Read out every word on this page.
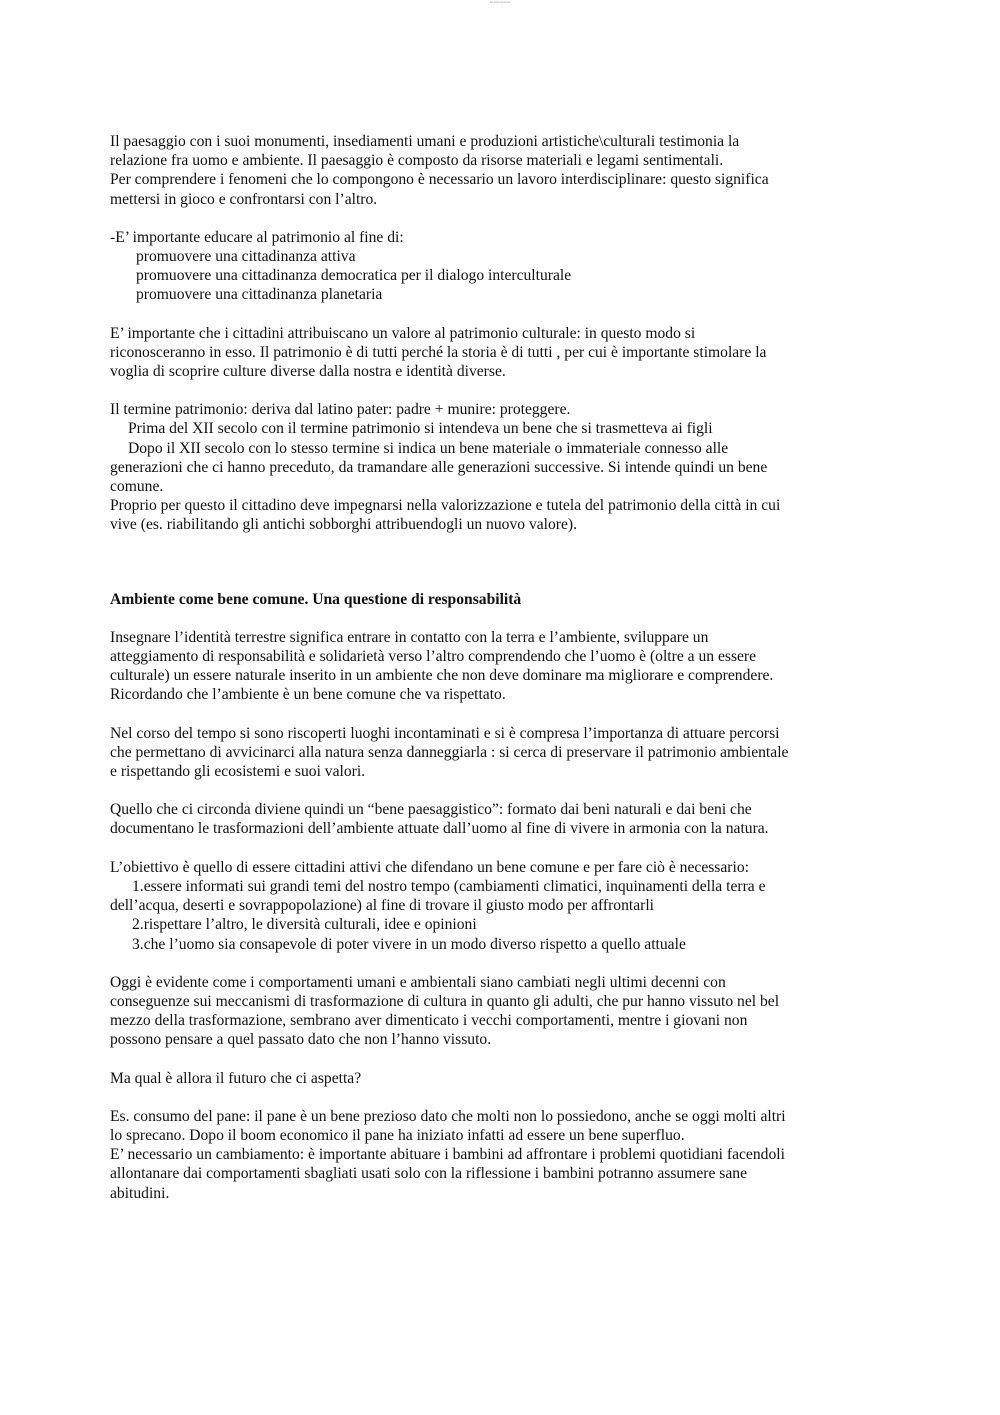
Scarica Questo

Il paesaggio con i suoi monumenti, insediamenti umani e produzioni artistiche\culturali testimonia la

relazione fra uomo e ambiente. Il paesaggio è composto da risorse materiali e legami sentimentali.

Per comprendere i fenomeni che lo compongono è necessario un lavoro interdisciplinare: questo significa

mettersi in gioco e confrontarsi con l’altro.

-E’ importante educare al patrimonio al fine di:

promuovere una cittadinanza attiva

promuovere una cittadinanza democratica per il dialogo interculturale

promuovere una cittadinanza planetaria

E’ importante che i cittadini attribuiscano un valore al patrimonio culturale: in questo modo si

riconosceranno in esso. Il patrimonio è di tutti perché la storia è di tutti , per cui è importante stimolare la

voglia di scoprire culture diverse dalla nostra e identità diverse.

Il termine patrimonio: deriva dal latino pater: padre + munire: proteggere.

Prima del XII secolo con il termine patrimonio si intendeva un bene che si trasmetteva ai figli

Dopo il XII secolo con lo stesso termine si indica un bene materiale o immateriale connesso alle

generazioni che ci hanno preceduto, da tramandare alle generazioni successive. Si intende quindi un bene

comune.

Proprio per questo il cittadino deve impegnarsi nella valorizzazione e tutela del patrimonio della città in cui

vive (es. riabilitando gli antichi sobborghi attribuendogli un nuovo valore).

Ambiente come bene comune. Una questione di responsabilità

Insegnare l’identità terrestre significa entrare in contatto con la terra e l’ambiente, sviluppare un

atteggiamento di responsabilità e solidarietà verso l’altro comprendendo che l’uomo è (oltre a un essere

culturale) un essere naturale inserito in un ambiente che non deve dominare ma migliorare e comprendere.

Ricordando che l’ambiente è un bene comune che va rispettato.

Nel corso del tempo si sono riscoperti luoghi incontaminati e si è compresa l’importanza di attuare percorsi

che permettano di avvicinarci alla natura senza danneggiarla : si cerca di preservare il patrimonio ambientale

e rispettando gli ecosistemi e suoi valori.

Quello che ci circonda diviene quindi un “bene paesaggistico”: formato dai beni naturali e dai beni che

documentano le trasformazioni dell’ambiente attuate dall’uomo al fine di vivere in armonia con la natura.

L’obiettivo è quello di essere cittadini attivi che difendano un bene comune e per fare ciò è necessario:

1.essere informati sui grandi temi del nostro tempo (cambiamenti climatici, inquinamenti della terra e

dell’acqua, deserti e sovrappopolazione) al fine di trovare il giusto modo per affrontarli

2.rispettare l’altro, le diversità culturali, idee e opinioni

3.che l’uomo sia consapevole di poter vivere in un modo diverso rispetto a quello attuale

Oggi è evidente come i comportamenti umani e ambientali siano cambiati negli ultimi decenni con

conseguenze sui meccanismi di trasformazione di cultura in quanto gli adulti, che pur hanno vissuto nel bel

mezzo della trasformazione, sembrano aver dimenticato i vecchi comportamenti, mentre i giovani non

possono pensare a quel passato dato che non l’hanno vissuto.

Ma qual è allora il futuro che ci aspetta?

Es. consumo del pane: il pane è un bene prezioso dato che molti non lo possiedono, anche se oggi molti altri

lo sprecano. Dopo il boom economico il pane ha iniziato infatti ad essere un bene superfluo.

E’ necessario un cambiamento: è importante abituare i bambini ad affrontare i problemi quotidiani facendoli

allontanare dai comportamenti sbagliati usati solo con la riflessione i bambini potranno assumere sane

abitudini.
